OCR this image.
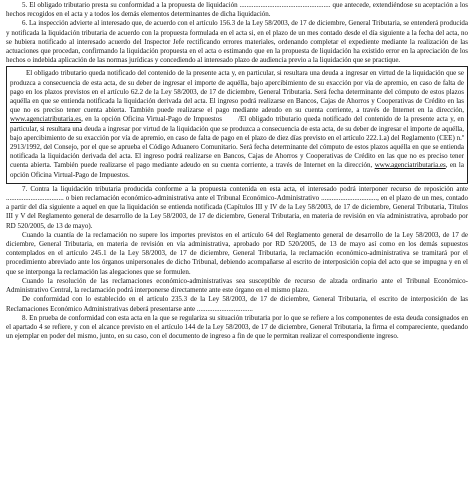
5. El obligado tributario presta su conformidad a la propuesta de liquidación .................................................... que antecede, extendiéndose su aceptación a los hechos recogidos en el acta y a todos los demás elementos determinantes de dicha liquidación.

6. La inspección advierte al interesado que, de acuerdo con el artículo 156.3 de la Ley 58/2003, de 17 de diciembre, General Tributaria, se entenderá producida y notificada la liquidación tributaria de acuerdo con la propuesta formulada en el acta si, en el plazo de un mes contado desde el día siguiente a la fecha del acta, no se hubiera notificado al interesado acuerdo del Inspector Jefe rectificando errores materiales, ordenando completar el expediente mediante la realización de las actuaciones que procedan, confirmando la liquidación propuesta en el acta o estimando que en la propuesta de liquidación ha existido error en la apreciación de los hechos o indebida aplicación de las normas jurídicas y concediendo al interesado plazo de audiencia previo a la liquidación que se practique.

El obligado tributario queda notificado del contenido de la presente acta y, en particular, si resultara una deuda a ingresar en virtud de la liquidación que se produzca a consecuencia de esta acta, de su deber de ingresar el importe de aquélla, bajo apercibimiento de su exacción por vía de apremio, en caso de falta de pago en los plazos previstos en el artículo 62.2 de la Ley 58/2003, de 17 de diciembre, General Tributaria. Será fecha determinante del cómputo de estos plazos aquélla en que se entienda notificada la liquidación derivada del acta. El ingreso podrá realizarse en Bancos, Cajas de Ahorros y Cooperativas de Crédito en las que no es preciso tener cuenta abierta. También puede realizarse el pago mediante adeudo en su cuenta corriente, a través de Internet en la dirección, www.agenciatributaria.es, en la opción Oficina Virtual-Pago de Impuestos /El obligado tributario queda notificado del contenido de la presente acta y, en particular, si resultara una deuda a ingresar por virtud de la liquidación que se produzca a consecuencia de esta acta, de su deber de ingresar el importe de aquélla, bajo apercibimiento de su exacción por vía de apremio, en caso de falta de pago en el plazo de diez días previsto en el artículo 222.1.a) del Reglamento (CEE) n.º 2913/1992, del Consejo, por el que se aprueba el Código Aduanero Comunitario. Será fecha determinante del cómputo de estos plazos aquélla en que se entienda notificada la liquidación derivada del acta. El ingreso podrá realizarse en Bancos, Cajas de Ahorros y Cooperativas de Crédito en las que no es preciso tener cuenta abierta. También puede realizarse el pago mediante adeudo en su cuenta corriente, a través de Internet en la dirección, www.agenciatributaria.es, en la opción Oficina Virtual-Pago de Impuestos.

7. Contra la liquidación tributaria producida conforme a la propuesta contenida en esta acta, el interesado podrá interponer recurso de reposición ante ................................. o bien reclamación económico-administrativa ante el Tribunal Económico-Administrativo ................................, en el plazo de un mes, contado a partir del día siguiente a aquel en que la liquidación se entienda notificada (Capítulos III y IV de la Ley 58/2003, de 17 de diciembre, General Tributaria, Títulos III y V del Reglamento general de desarrollo de la Ley 58/2003, de 17 de diciembre, General Tributaria, en materia de revisión en vía administrativa, aprobado por RD 520/2005, de 13 de mayo).

Cuando la cuantía de la reclamación no supere los importes previstos en el artículo 64 del Reglamento general de desarrollo de la Ley 58/2003, de 17 de diciembre, General Tributaria, en materia de revisión en vía administrativa, aprobado por RD 520/2005, de 13 de mayo así como en los demás supuestos contemplados en el artículo 245.1 de la Ley 58/2003, de 17 de diciembre, General Tributaria, la reclamación económico-administrativa se tramitará por el procedimiento abreviado ante los órganos unipersonales de dicho Tribunal, debiendo acompañarse al escrito de interposición copia del acto que se impugna y en el que se interponga la reclamación las alegaciones que se formulen.

Cuando la resolución de las reclamaciones económico-administrativas sea susceptible de recurso de alzada ordinario ante el Tribunal Económico-Administrativo Central, la reclamación podrá interponerse directamente ante este órgano en el mismo plazo.

De conformidad con lo establecido en el artículo 235.3 de la Ley 58/2003, de 17 de diciembre, General Tributaria, el escrito de interposición de las Reclamaciones Económico Administrativas deberá presentarse ante ................................

8. En prueba de conformidad con esta acta en la que se regulariza su situación tributaria por lo que se refiere a los componentes de esta deuda consignados en el apartado 4 se refiere, y con el alcance previsto en el artículo 144 de la Ley 58/2003, de 17 de diciembre, General Tributaria, la firma el compareciente, quedando un ejemplar en poder del mismo, junto, en su caso, con el documento de ingreso a fin de que le permitan realizar el correspondiente ingreso.
